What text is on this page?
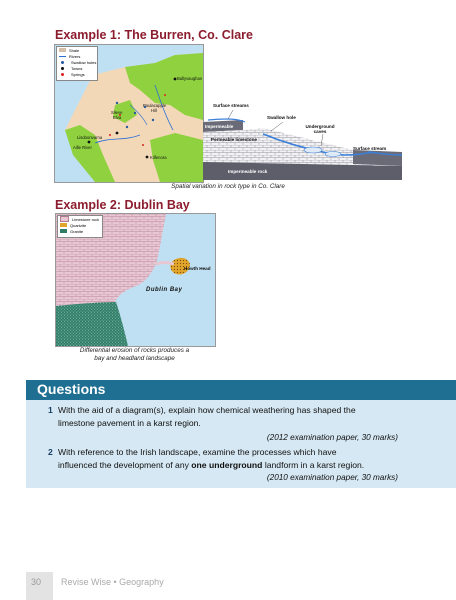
Example 1: The Burren, Co. Clare
Shale
Rivers
Swallow holes
Towns
Springs
Ballyvaughan
Poulacapple
Hill
Slieve
Elva
Lisdoonvarna
Aille River
Kilfenora
Surface streams
Swallow hole
Impermeable
Permeable limestone
Underground caves
Surface stream
Impermeable rock
Spatial variation in rock type in Co. Clare
Example 2: Dublin Bay
Limestone rock
Quartzite
Granite
Howth Head
Dublin Bay
Differential erosion of rocks produces a
bay and headland landscape
Questions
1 With the aid of a diagram(s), explain how chemical weathering has shaped the
limestone pavement in a karst region.
(2012 examination paper, 30 marks)
2 With reference to the Irish landscape, examine the processes which have
influenced the development of any one underground landform in a karst region.
(2010 examination paper, 30 marks)
30 Revise Wise • Geography
